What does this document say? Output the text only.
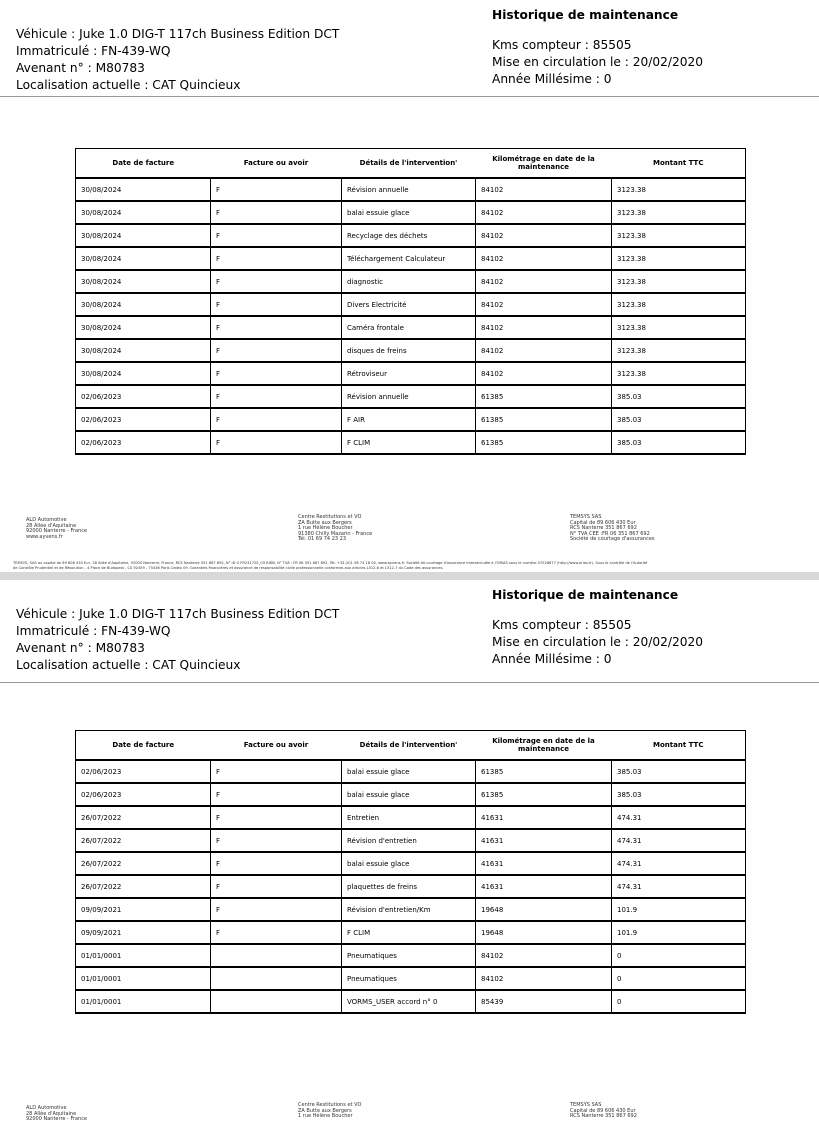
Véhicule : Juke 1.0 DIG-T 117ch Business Edition DCT
Immatriculé : FN-439-WQ
Avenant n° : M80783
Localisation actuelle : CAT Quincieux
Historique de maintenance
Kms compteur : 85505
Mise en circulation le : 20/02/2020
Année Millésime : 0
Date de facture	Facture ou avoir	Détails de l'intervention'	Kilométrage en date de la maintenance	Montant TTC
30/08/2024	F	Révision annuelle	84102	3123.38
30/08/2024	F	balai essuie glace	84102	3123.38
30/08/2024	F	Recyclage des déchets	84102	3123.38
30/08/2024	F	Téléchargement Calculateur	84102	3123.38
30/08/2024	F	diagnostic	84102	3123.38
30/08/2024	F	Divers Electricité	84102	3123.38
30/08/2024	F	Caméra frontale	84102	3123.38
30/08/2024	F	disques de freins	84102	3123.38
30/08/2024	F	Rétroviseur	84102	3123.38
02/06/2023	F	Révision annuelle	61385	385.03
02/06/2023	F	F AIR	61385	385.03
02/06/2023	F	F CLIM	61385	385.03
ALD Automotive
28 Allée d'Aquitaine
92000 Nanterre - France
www.ayvens.fr
Centre Restitutions et VO
ZA Butte aux Bergers
1 rue Hélène Boucher
91380 Chilly Mazarin - France
Tél. 01 69 74 23 23
TEMSYS SAS
Capital de 89 606 430 Eur
RCS Nanterre 351 867 692
N° TVA CEE :FR 06 351 867 692
Société de courtage d'assurances
TEMSYS, SAS au capital de 89 606 430 Eur, 28 Allée d'Aquitaine, 92000 Nanterre, France, RCS Nanterre 351 867 692, N° ID U FR231725_03 RIDB, N° TVA : FR 06 351 867 692, Tél. +33 (0)1 56 74 18 00, www.ayvens.fr. Société de courtage d'assurance immatriculée à l'ORIAS sous le numéro 07026677 (http://www.orias.fr). Sous le contrôle de l'Autorité
de Contrôle Prudentiel et de Résolution - 4 Place de Budapest - CS 92459 - 75436 Paris Cedex 09. Garanties financières et assurance de responsabilité civile professionnelle conformes aux articles L512-6 et L512-7 du Code des assurances.
Véhicule : Juke 1.0 DIG-T 117ch Business Edition DCT
Immatriculé : FN-439-WQ
Avenant n° : M80783
Localisation actuelle : CAT Quincieux
Historique de maintenance
Kms compteur : 85505
Mise en circulation le : 20/02/2020
Année Millésime : 0
Date de facture	Facture ou avoir	Détails de l'intervention'	Kilométrage en date de la maintenance	Montant TTC
02/06/2023	F	balai essuie glace	61385	385.03
02/06/2023	F	balai essuie glace	61385	385.03
26/07/2022	F	Entretien	41631	474.31
26/07/2022	F	Révision d'entretien	41631	474.31
26/07/2022	F	balai essuie glace	41631	474.31
26/07/2022	F	plaquettes de freins	41631	474.31
09/09/2021	F	Révision d'entretien/Km	19648	101.9
09/09/2021	F	F CLIM	19648	101.9
01/01/0001		Pneumatiques	84102	0
01/01/0001		Pneumatiques	84102	0
01/01/0001		VORMS_USER accord n° 0	85439	0
ALD Automotive
28 Allée d'Aquitaine
92000 Nanterre - France
Centre Restitutions et VO
ZA Butte aux Bergers
1 rue Hélène Boucher
TEMSYS SAS
Capital de 89 606 430 Eur
RCS Nanterre 351 867 692
